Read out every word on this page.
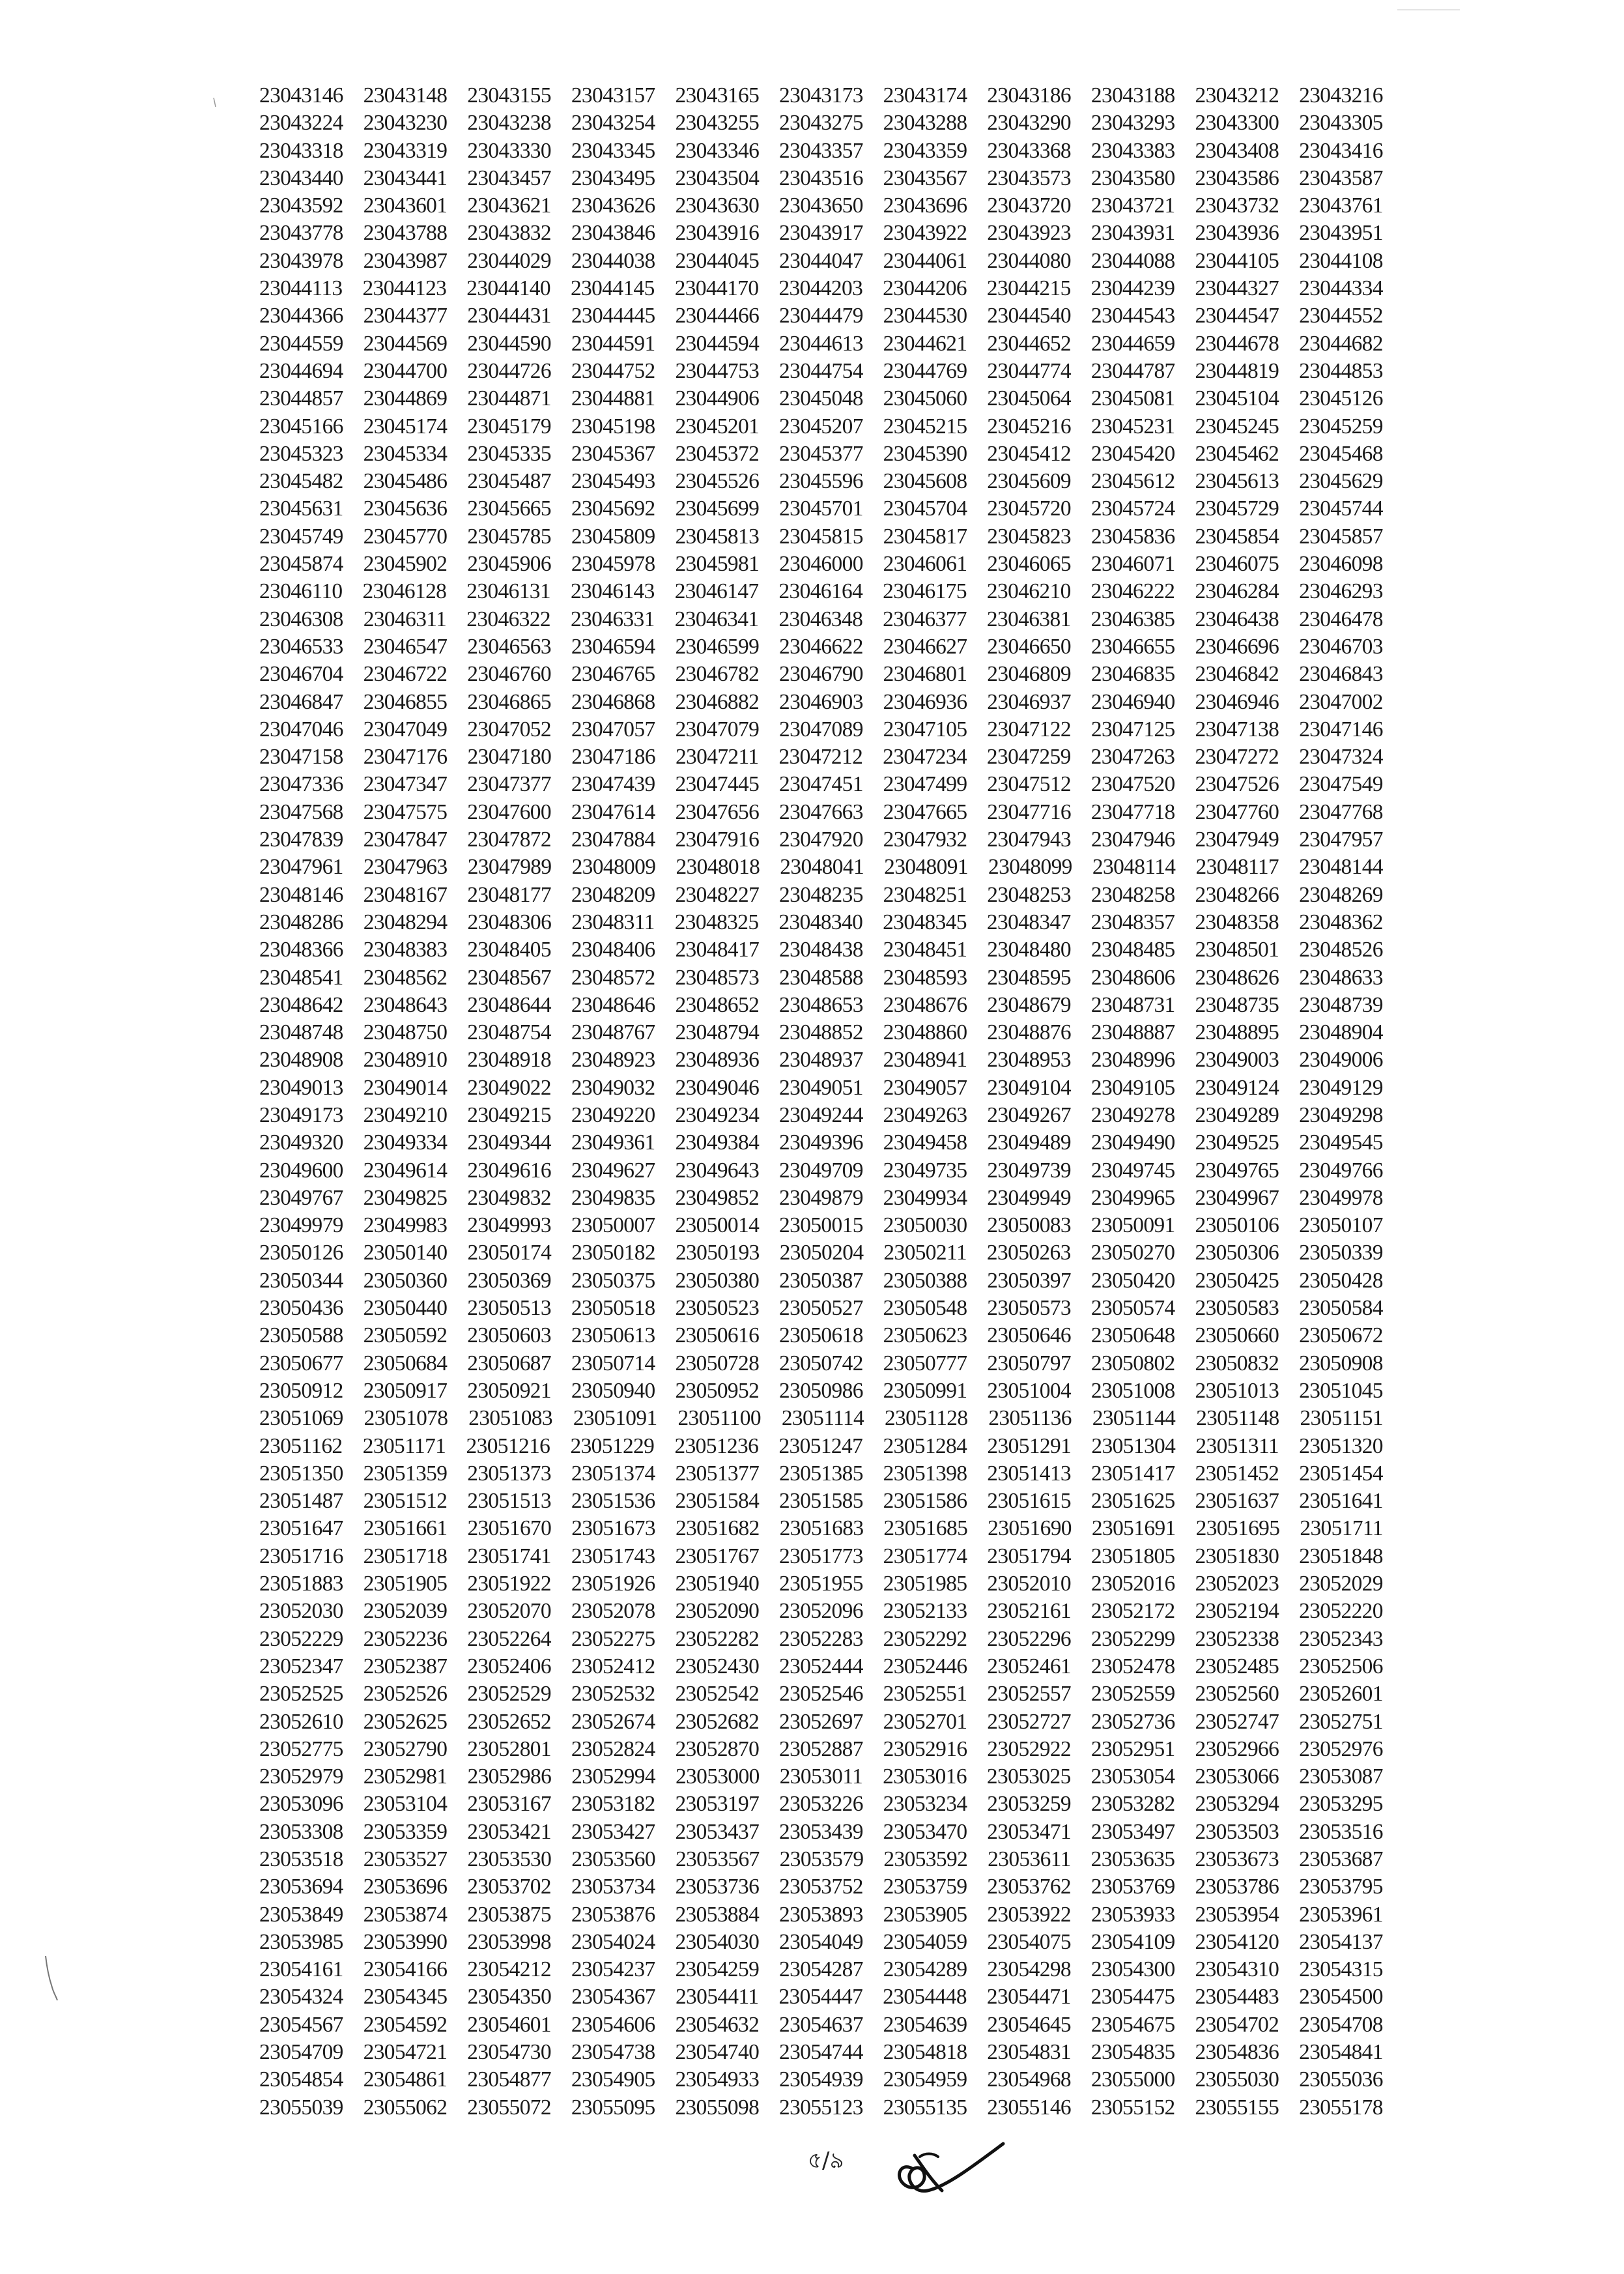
23043146 23043148 23043155 23043157 23043165 23043173 23043174 23043186 23043188 23043212 23043216
23043224 23043230 23043238 23043254 23043255 23043275 23043288 23043290 23043293 23043300 23043305
23043318 23043319 23043330 23043345 23043346 23043357 23043359 23043368 23043383 23043408 23043416
23043440 23043441 23043457 23043495 23043504 23043516 23043567 23043573 23043580 23043586 23043587
23043592 23043601 23043621 23043626 23043630 23043650 23043696 23043720 23043721 23043732 23043761
23043778 23043788 23043832 23043846 23043916 23043917 23043922 23043923 23043931 23043936 23043951
23043978 23043987 23044029 23044038 23044045 23044047 23044061 23044080 23044088 23044105 23044108
23044113 23044123 23044140 23044145 23044170 23044203 23044206 23044215 23044239 23044327 23044334
23044366 23044377 23044431 23044445 23044466 23044479 23044530 23044540 23044543 23044547 23044552
23044559 23044569 23044590 23044591 23044594 23044613 23044621 23044652 23044659 23044678 23044682
23044694 23044700 23044726 23044752 23044753 23044754 23044769 23044774 23044787 23044819 23044853
23044857 23044869 23044871 23044881 23044906 23045048 23045060 23045064 23045081 23045104 23045126
23045166 23045174 23045179 23045198 23045201 23045207 23045215 23045216 23045231 23045245 23045259
23045323 23045334 23045335 23045367 23045372 23045377 23045390 23045412 23045420 23045462 23045468
23045482 23045486 23045487 23045493 23045526 23045596 23045608 23045609 23045612 23045613 23045629
23045631 23045636 23045665 23045692 23045699 23045701 23045704 23045720 23045724 23045729 23045744
23045749 23045770 23045785 23045809 23045813 23045815 23045817 23045823 23045836 23045854 23045857
23045874 23045902 23045906 23045978 23045981 23046000 23046061 23046065 23046071 23046075 23046098
23046110 23046128 23046131 23046143 23046147 23046164 23046175 23046210 23046222 23046284 23046293
23046308 23046311 23046322 23046331 23046341 23046348 23046377 23046381 23046385 23046438 23046478
23046533 23046547 23046563 23046594 23046599 23046622 23046627 23046650 23046655 23046696 23046703
23046704 23046722 23046760 23046765 23046782 23046790 23046801 23046809 23046835 23046842 23046843
23046847 23046855 23046865 23046868 23046882 23046903 23046936 23046937 23046940 23046946 23047002
23047046 23047049 23047052 23047057 23047079 23047089 23047105 23047122 23047125 23047138 23047146
23047158 23047176 23047180 23047186 23047211 23047212 23047234 23047259 23047263 23047272 23047324
23047336 23047347 23047377 23047439 23047445 23047451 23047499 23047512 23047520 23047526 23047549
23047568 23047575 23047600 23047614 23047656 23047663 23047665 23047716 23047718 23047760 23047768
23047839 23047847 23047872 23047884 23047916 23047920 23047932 23047943 23047946 23047949 23047957
23047961 23047963 23047989 23048009 23048018 23048041 23048091 23048099 23048114 23048117 23048144
23048146 23048167 23048177 23048209 23048227 23048235 23048251 23048253 23048258 23048266 23048269
23048286 23048294 23048306 23048311 23048325 23048340 23048345 23048347 23048357 23048358 23048362
23048366 23048383 23048405 23048406 23048417 23048438 23048451 23048480 23048485 23048501 23048526
23048541 23048562 23048567 23048572 23048573 23048588 23048593 23048595 23048606 23048626 23048633
23048642 23048643 23048644 23048646 23048652 23048653 23048676 23048679 23048731 23048735 23048739
23048748 23048750 23048754 23048767 23048794 23048852 23048860 23048876 23048887 23048895 23048904
23048908 23048910 23048918 23048923 23048936 23048937 23048941 23048953 23048996 23049003 23049006
23049013 23049014 23049022 23049032 23049046 23049051 23049057 23049104 23049105 23049124 23049129
23049173 23049210 23049215 23049220 23049234 23049244 23049263 23049267 23049278 23049289 23049298
23049320 23049334 23049344 23049361 23049384 23049396 23049458 23049489 23049490 23049525 23049545
23049600 23049614 23049616 23049627 23049643 23049709 23049735 23049739 23049745 23049765 23049766
23049767 23049825 23049832 23049835 23049852 23049879 23049934 23049949 23049965 23049967 23049978
23049979 23049983 23049993 23050007 23050014 23050015 23050030 23050083 23050091 23050106 23050107
23050126 23050140 23050174 23050182 23050193 23050204 23050211 23050263 23050270 23050306 23050339
23050344 23050360 23050369 23050375 23050380 23050387 23050388 23050397 23050420 23050425 23050428
23050436 23050440 23050513 23050518 23050523 23050527 23050548 23050573 23050574 23050583 23050584
23050588 23050592 23050603 23050613 23050616 23050618 23050623 23050646 23050648 23050660 23050672
23050677 23050684 23050687 23050714 23050728 23050742 23050777 23050797 23050802 23050832 23050908
23050912 23050917 23050921 23050940 23050952 23050986 23050991 23051004 23051008 23051013 23051045
23051069 23051078 23051083 23051091 23051100 23051114 23051128 23051136 23051144 23051148 23051151
23051162 23051171 23051216 23051229 23051236 23051247 23051284 23051291 23051304 23051311 23051320
23051350 23051359 23051373 23051374 23051377 23051385 23051398 23051413 23051417 23051452 23051454
23051487 23051512 23051513 23051536 23051584 23051585 23051586 23051615 23051625 23051637 23051641
23051647 23051661 23051670 23051673 23051682 23051683 23051685 23051690 23051691 23051695 23051711
23051716 23051718 23051741 23051743 23051767 23051773 23051774 23051794 23051805 23051830 23051848
23051883 23051905 23051922 23051926 23051940 23051955 23051985 23052010 23052016 23052023 23052029
23052030 23052039 23052070 23052078 23052090 23052096 23052133 23052161 23052172 23052194 23052220
23052229 23052236 23052264 23052275 23052282 23052283 23052292 23052296 23052299 23052338 23052343
23052347 23052387 23052406 23052412 23052430 23052444 23052446 23052461 23052478 23052485 23052506
23052525 23052526 23052529 23052532 23052542 23052546 23052551 23052557 23052559 23052560 23052601
23052610 23052625 23052652 23052674 23052682 23052697 23052701 23052727 23052736 23052747 23052751
23052775 23052790 23052801 23052824 23052870 23052887 23052916 23052922 23052951 23052966 23052976
23052979 23052981 23052986 23052994 23053000 23053011 23053016 23053025 23053054 23053066 23053087
23053096 23053104 23053167 23053182 23053197 23053226 23053234 23053259 23053282 23053294 23053295
23053308 23053359 23053421 23053427 23053437 23053439 23053470 23053471 23053497 23053503 23053516
23053518 23053527 23053530 23053560 23053567 23053579 23053592 23053611 23053635 23053673 23053687
23053694 23053696 23053702 23053734 23053736 23053752 23053759 23053762 23053769 23053786 23053795
23053849 23053874 23053875 23053876 23053884 23053893 23053905 23053922 23053933 23053954 23053961
23053985 23053990 23053998 23054024 23054030 23054049 23054059 23054075 23054109 23054120 23054137
23054161 23054166 23054212 23054237 23054259 23054287 23054289 23054298 23054300 23054310 23054315
23054324 23054345 23054350 23054367 23054411 23054447 23054448 23054471 23054475 23054483 23054500
23054567 23054592 23054601 23054606 23054632 23054637 23054639 23054645 23054675 23054702 23054708
23054709 23054721 23054730 23054738 23054740 23054744 23054818 23054831 23054835 23054836 23054841
23054854 23054861 23054877 23054905 23054933 23054939 23054959 23054968 23055000 23055030 23055036
23055039 23055062 23055072 23055095 23055098 23055123 23055135 23055146 23055152 23055155 23055178
৫/৯
